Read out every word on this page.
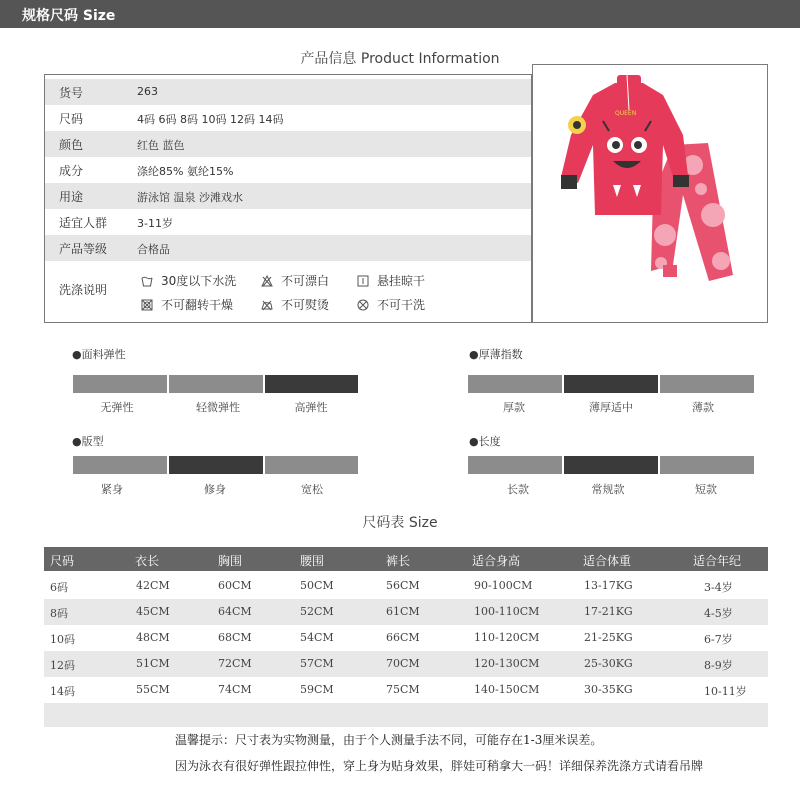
规格尺码 Size
产品信息 Product Information
货号	263
尺码	4码 6码 8码 10码 12码 14码
颜色	红色 蓝色
成分	涤纶85% 氨纶15%
用途	游泳馆 温泉 沙滩戏水
适宜人群	3-11岁
产品等级	合格品
洗涤说明
30度以下水洗	不可漂白	悬挂晾干
不可翻转干燥	不可熨烫	不可干洗
QUEEN
●面料弹性
无弹性	轻微弹性	高弹性
●厚薄指数
厚款	薄厚适中	薄款
●版型
紧身	修身	宽松
●长度
长款	常规款	短款
尺码表 Size
尺码	衣长	胸围	腰围	裤长	适合身高	适合体重	适合年纪
6码	42CM	60CM	50CM	56CM	90-100CM	13-17KG	3-4岁
8码	45CM	64CM	52CM	61CM	100-110CM	17-21KG	4-5岁
10码	48CM	68CM	54CM	66CM	110-120CM	21-25KG	6-7岁
12码	51CM	72CM	57CM	70CM	120-130CM	25-30KG	8-9岁
14码	55CM	74CM	59CM	75CM	140-150CM	30-35KG	10-11岁
温馨提示：尺寸表为实物测量，由于个人测量手法不同，可能存在1-3厘米误差。
因为泳衣有很好弹性跟拉伸性，穿上身为贴身效果，胖娃可稍拿大一码！详细保养洗涤方式请看吊牌
